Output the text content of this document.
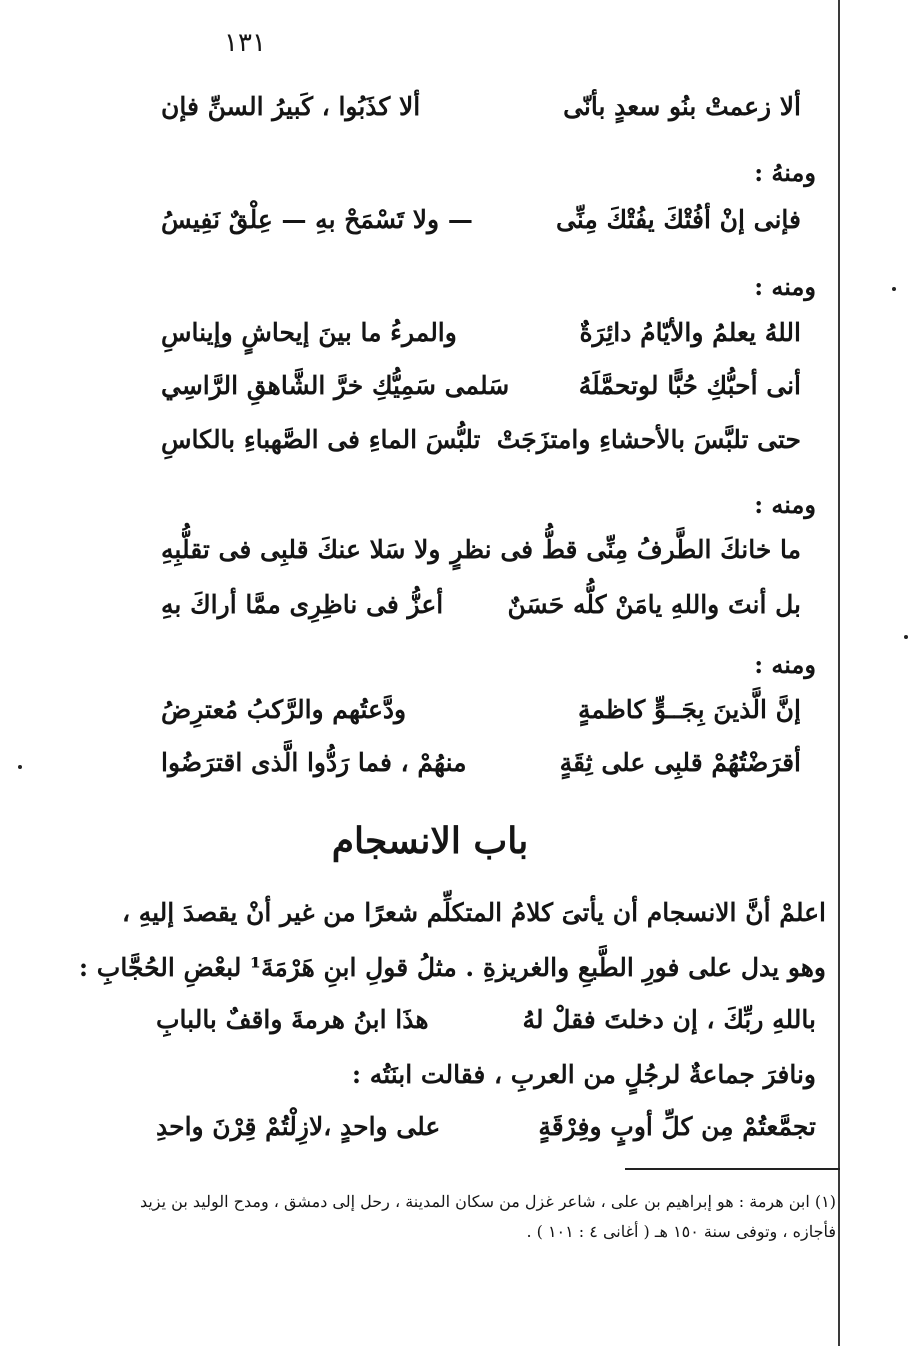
١٣١
ألا زعمتْ بنُو سعدٍ بأنّى
ألا كذَبُوا ، كَبيرُ السنِّ فإن
ومنهُ :
فإنى إنْ أفُتْكَ يفُتْكَ مِنِّى
— ولا تَسْمَحْ بهِ — عِلْقٌ نَفِيسُ
ومنه :
اللهُ يعلمُ والأيّامُ دائِرَةٌ
والمرءُ ما بينَ إيحاشٍ وإيناسِ
أنى أحبُّكِ حُبًّا لوتحمَّلَهُ
سَلمى سَمِيُّكِ خرَّ الشَّاهقِ الرَّاسِي
حتى تلبَّسَ بالأحشاءِ وامتزَجَتْ
تلبُّسَ الماءِ فى الصَّهباءِ بالكاسِ
ومنه :
ما خانكَ الطَّرفُ مِنِّى قطُّ فى نظرٍ
ولا سَلا عنكَ قلبِى فى تقلُّبِهِ
بل أنتَ واللهِ يامَنْ كلُّه حَسَنٌ
أعزُّ فى ناظِرِى ممَّا أراكَ بهِ
ومنه :
إنَّ الَّذينَ بِجَــوٍّ كاظمةٍ
ودَّعتُهم والرَّكبُ مُعترِضُ
أقرَضْتُهُمْ قلبِى على ثِقَةٍ
منهُمْ ، فما رَدُّوا الَّذى اقترَضُوا
باب الانسجام
اعلمْ أنَّ الانسجام أن يأتىَ كلامُ المتكلِّم شعرًا من غير أنْ يقصدَ إليهِ ،
وهو يدل على فورِ الطَّبعِ والغريزةِ . مثلُ قولِ ابنِ هَرْمَةَ¹ لبعْضِ الحُجَّابِ :
باللهِ ربِّكَ ، إن دخلتَ فقلْ لهُ
هذَا ابنُ هرمةَ واقفٌ بالبابِ
ونافرَ جماعةٌ لرجُلٍ من العربِ ، فقالت ابنَتُه :
تجمَّعتُمْ مِن كلِّ أوبٍ وفِرْقَةٍ
على واحدٍ ،لازِلْتُمْ قِرْنَ واحدِ
(١) ابن هرمة : هو إبراهيم بن على ، شاعر غزل من سكان المدينة ، رحل إلى دمشق ، ومدح الوليد بن يزيد
فأجازه ، وتوفى سنة ١٥٠ هـ ( أغانى ٤ : ١٠١ ) .
